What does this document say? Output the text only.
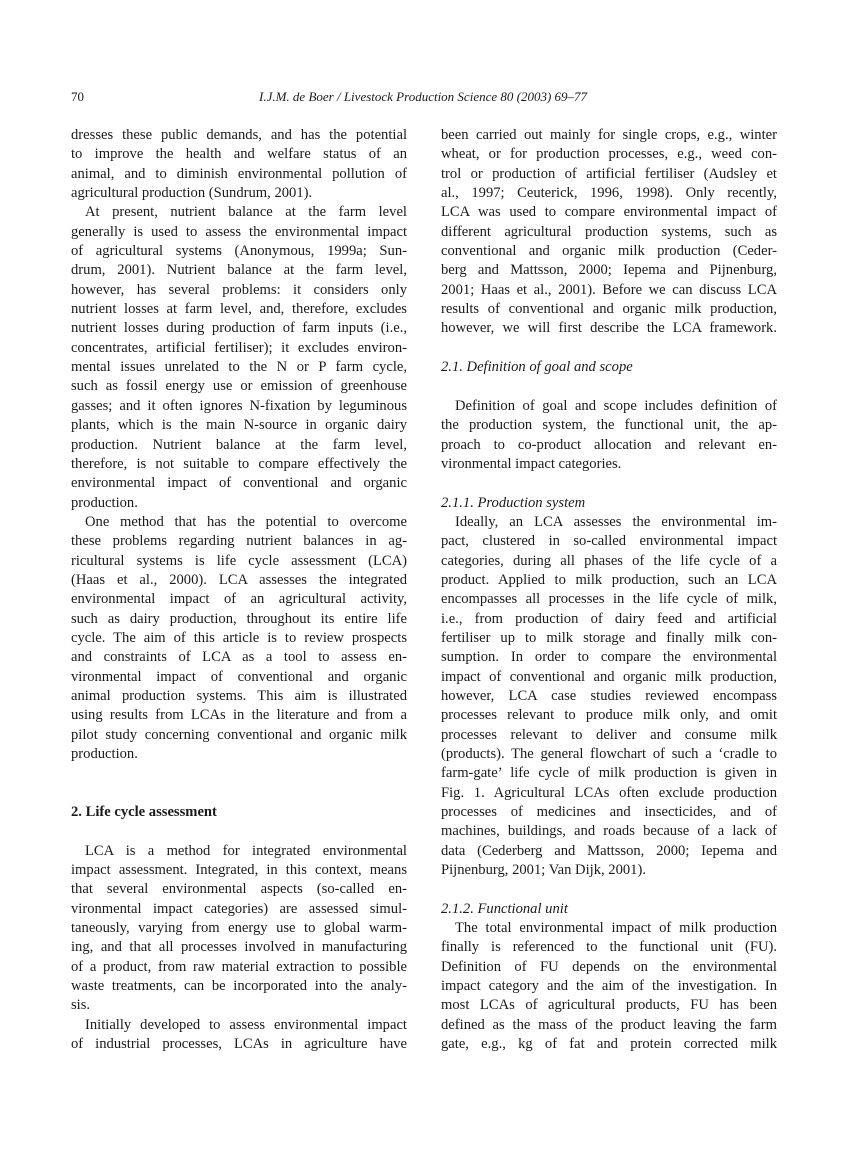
70	I.J.M. de Boer / Livestock Production Science 80 (2003) 69–77

dresses these public demands, and has the potential
to improve the health and welfare status of an
animal, and to diminish environmental pollution of
agricultural production (Sundrum, 2001).

At present, nutrient balance at the farm level
generally is used to assess the environmental impact
of agricultural systems (Anonymous, 1999a; Sun-
drum, 2001). Nutrient balance at the farm level,
however, has several problems: it considers only
nutrient losses at farm level, and, therefore, excludes
nutrient losses during production of farm inputs (i.e.,
concentrates, artificial fertiliser); it excludes environ-
mental issues unrelated to the N or P farm cycle,
such as fossil energy use or emission of greenhouse
gasses; and it often ignores N-fixation by leguminous
plants, which is the main N-source in organic dairy
production. Nutrient balance at the farm level,
therefore, is not suitable to compare effectively the
environmental impact of conventional and organic
production.

One method that has the potential to overcome
these problems regarding nutrient balances in ag-
ricultural systems is life cycle assessment (LCA)
(Haas et al., 2000). LCA assesses the integrated
environmental impact of an agricultural activity,
such as dairy production, throughout its entire life
cycle. The aim of this article is to review prospects
and constraints of LCA as a tool to assess en-
vironmental impact of conventional and organic
animal production systems. This aim is illustrated
using results from LCAs in the literature and from a
pilot study concerning conventional and organic milk
production.

2. Life cycle assessment

LCA is a method for integrated environmental
impact assessment. Integrated, in this context, means
that several environmental aspects (so-called en-
vironmental impact categories) are assessed simul-
taneously, varying from energy use to global warm-
ing, and that all processes involved in manufacturing
of a product, from raw material extraction to possible
waste treatments, can be incorporated into the analy-
sis.

Initially developed to assess environmental impact
of industrial processes, LCAs in agriculture have

been carried out mainly for single crops, e.g., winter
wheat, or for production processes, e.g., weed con-
trol or production of artificial fertiliser (Audsley et
al., 1997; Ceuterick, 1996, 1998). Only recently,
LCA was used to compare environmental impact of
different agricultural production systems, such as
conventional and organic milk production (Ceder-
berg and Mattsson, 2000; Iepema and Pijnenburg,
2001; Haas et al., 2001). Before we can discuss LCA
results of conventional and organic milk production,
however, we will first describe the LCA framework.

2.1. Definition of goal and scope

Definition of goal and scope includes definition of
the production system, the functional unit, the ap-
proach to co-product allocation and relevant en-
vironmental impact categories.

2.1.1. Production system

Ideally, an LCA assesses the environmental im-
pact, clustered in so-called environmental impact
categories, during all phases of the life cycle of a
product. Applied to milk production, such an LCA
encompasses all processes in the life cycle of milk,
i.e., from production of dairy feed and artificial
fertiliser up to milk storage and finally milk con-
sumption. In order to compare the environmental
impact of conventional and organic milk production,
however, LCA case studies reviewed encompass
processes relevant to produce milk only, and omit
processes relevant to deliver and consume milk
(products). The general flowchart of such a ‘cradle to
farm-gate’ life cycle of milk production is given in
Fig. 1. Agricultural LCAs often exclude production
processes of medicines and insecticides, and of
machines, buildings, and roads because of a lack of
data (Cederberg and Mattsson, 2000; Iepema and
Pijnenburg, 2001; Van Dijk, 2001).

2.1.2. Functional unit

The total environmental impact of milk production
finally is referenced to the functional unit (FU).
Definition of FU depends on the environmental
impact category and the aim of the investigation. In
most LCAs of agricultural products, FU has been
defined as the mass of the product leaving the farm
gate, e.g., kg of fat and protein corrected milk
